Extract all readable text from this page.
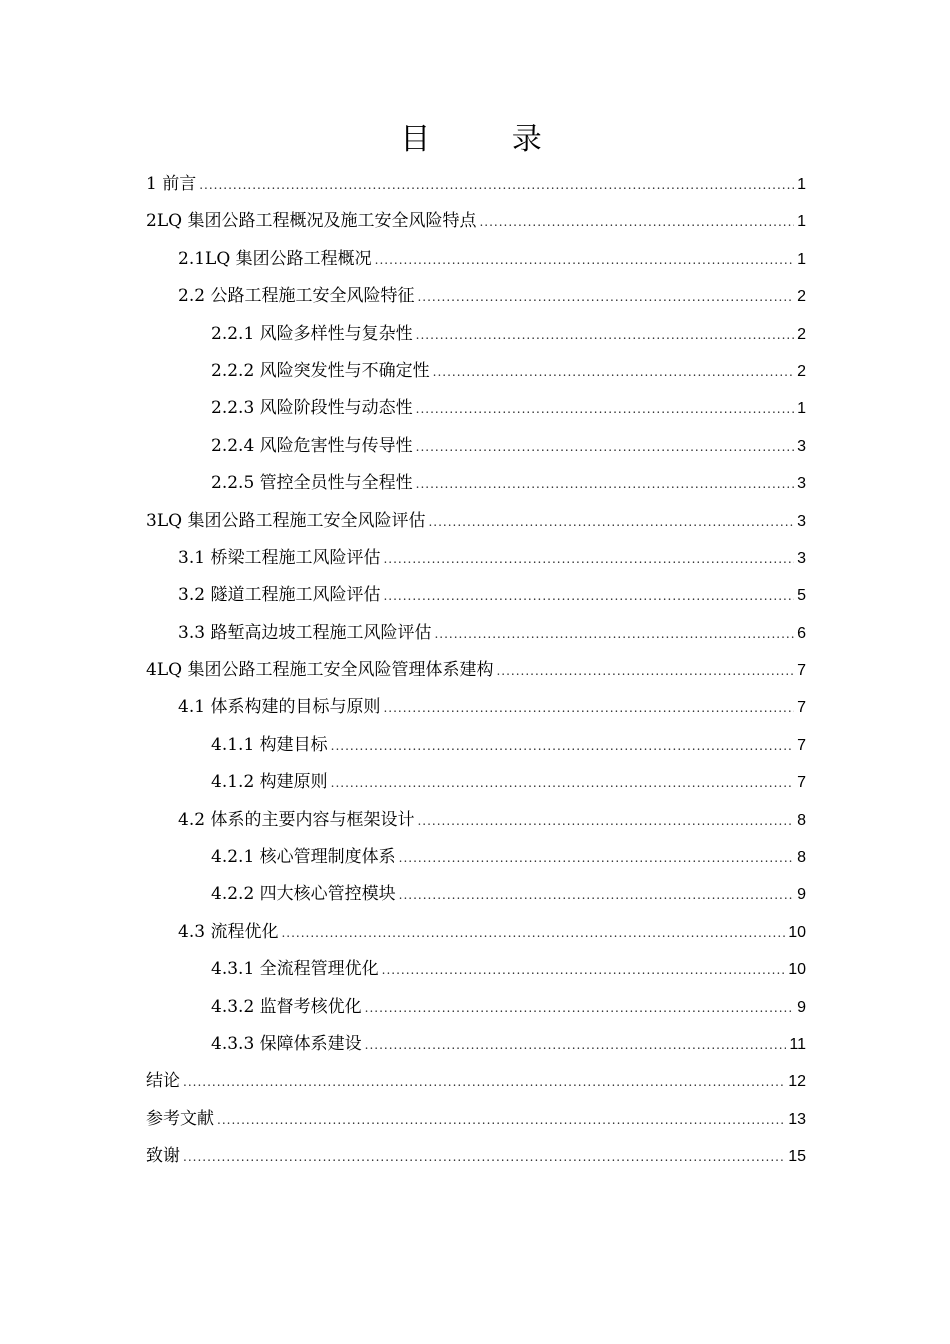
目 录
1 前言 .....	1
2LQ 集团公路工程概况及施工安全风险特点 .....	1
2.1LQ 集团公路工程概况 .....	1
2.2 公路工程施工安全风险特征 .....	2
2.2.1 风险多样性与复杂性 .....	2
2.2.2 风险突发性与不确定性 .....	2
2.2.3 风险阶段性与动态性 .....	1
2.2.4 风险危害性与传导性 .....	3
2.2.5 管控全员性与全程性 .....	3
3LQ 集团公路工程施工安全风险评估 .....	3
3.1 桥梁工程施工风险评估 .....	3
3.2 隧道工程施工风险评估 .....	5
3.3 路堑高边坡工程施工风险评估 .....	6
4LQ 集团公路工程施工安全风险管理体系建构 .....	7
4.1 体系构建的目标与原则 .....	7
4.1.1 构建目标 .....	7
4.1.2 构建原则 .....	7
4.2 体系的主要内容与框架设计 .....	8
4.2.1 核心管理制度体系 .....	8
4.2.2 四大核心管控模块 .....	9
4.3 流程优化 .....	10
4.3.1 全流程管理优化 .....	10
4.3.2 监督考核优化 .....	9
4.3.3 保障体系建设 .....	11
结论 .....	12
参考文献 .....	13
致谢 .....	15
